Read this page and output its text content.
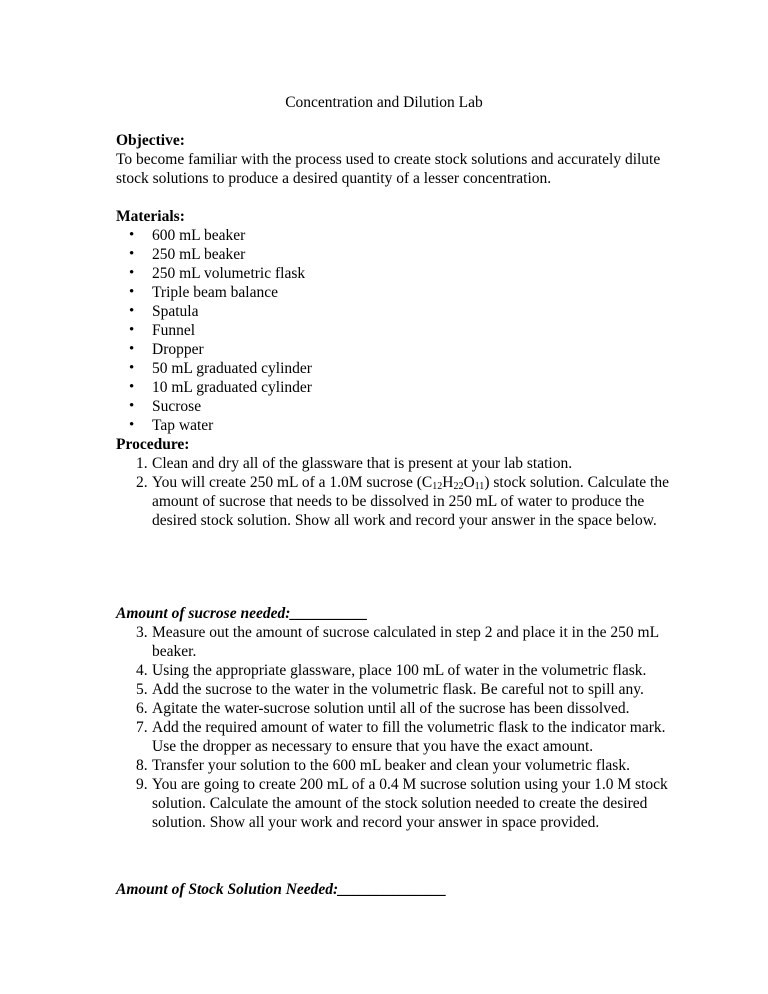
Concentration and Dilution Lab
Objective:
To become familiar with the process used to create stock solutions and accurately dilute stock solutions to produce a desired quantity of a lesser concentration.
Materials:
• 600 mL beaker
• 250 mL beaker
• 250 mL volumetric flask
• Triple beam balance
• Spatula
• Funnel
• Dropper
• 50 mL graduated cylinder
• 10 mL graduated cylinder
• Sucrose
• Tap water
Procedure:
1. Clean and dry all of the glassware that is present at your lab station.
2. You will create 250 mL of a 1.0M sucrose $(C_{12}H_{22}O_{11})$ stock solution. Calculate the amount of sucrose that needs to be dissolved in 250 mL of water to produce the desired stock solution. Show all work and record your answer in the space below.
Amount of sucrose needed:__________
3. Measure out the amount of sucrose calculated in step 2 and place it in the 250 mL beaker.
4. Using the appropriate glassware, place 100 mL of water in the volumetric flask.
5. Add the sucrose to the water in the volumetric flask. Be careful not to spill any.
6. Agitate the water-sucrose solution until all of the sucrose has been dissolved.
7. Add the required amount of water to fill the volumetric flask to the indicator mark. Use the dropper as necessary to ensure that you have the exact amount.
8. Transfer your solution to the 600 mL beaker and clean your volumetric flask.
9. You are going to create 200 mL of a 0.4 M sucrose solution using your 1.0 M stock solution. Calculate the amount of the stock solution needed to create the desired solution. Show all your work and record your answer in space provided.
Amount of Stock Solution Needed:______________
